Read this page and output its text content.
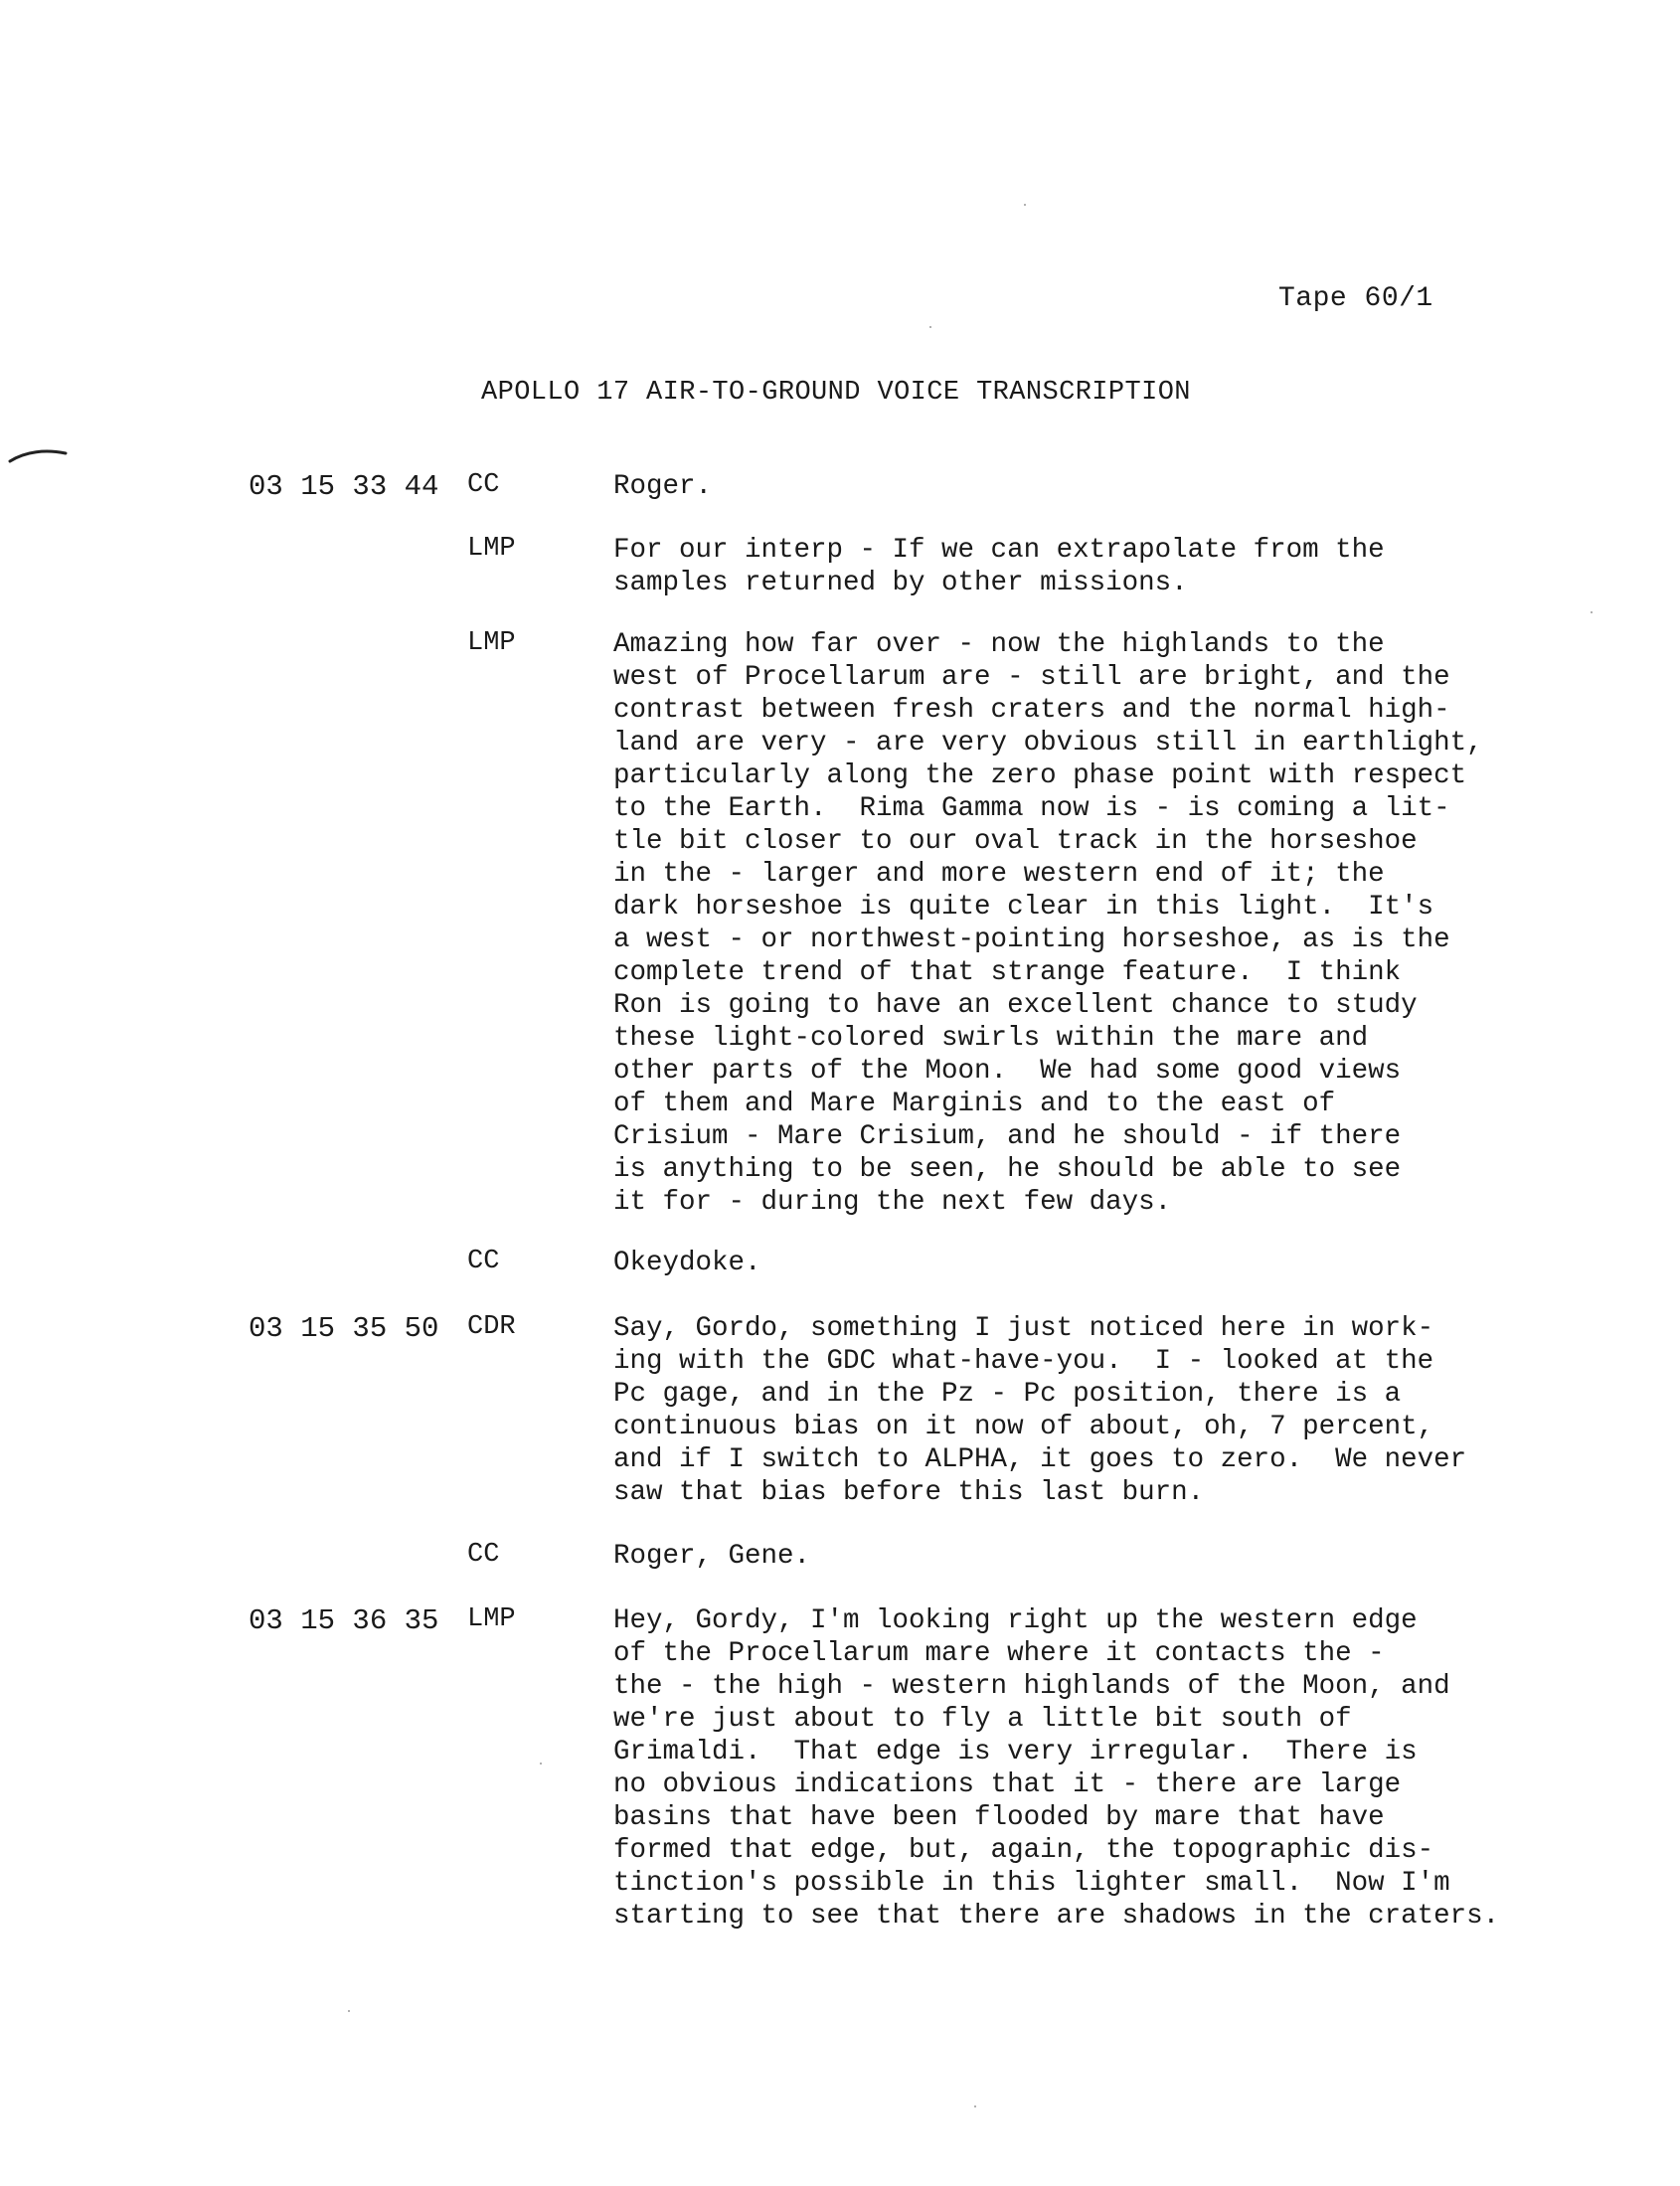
Tape 60/1
APOLLO 17 AIR-TO-GROUND VOICE TRANSCRIPTION
03 15 33 44 CC	Roger.
LMP	For our interp - If we can extrapolate from the
samples returned by other missions.
LMP	Amazing how far over - now the highlands to the
west of Procellarum are - still are bright, and the
contrast between fresh craters and the normal high-
land are very - are very obvious still in earthlight,
particularly along the zero phase point with respect
to the Earth.  Rima Gamma now is - is coming a lit-
tle bit closer to our oval track in the horseshoe
in the - larger and more western end of it; the
dark horseshoe is quite clear in this light.  It's
a west - or northwest-pointing horseshoe, as is the
complete trend of that strange feature.  I think
Ron is going to have an excellent chance to study
these light-colored swirls within the mare and
other parts of the Moon.  We had some good views
of them and Mare Marginis and to the east of
Crisium - Mare Crisium, and he should - if there
is anything to be seen, he should be able to see
it for - during the next few days.
CC	Okeydoke.
03 15 35 50 CDR	Say, Gordo, something I just noticed here in work-
ing with the GDC what-have-you.  I - looked at the
Pc gage, and in the Pz - Pc position, there is a
continuous bias on it now of about, oh, 7 percent,
and if I switch to ALPHA, it goes to zero.  We never
saw that bias before this last burn.
CC	Roger, Gene.
03 15 36 35 LMP	Hey, Gordy, I'm looking right up the western edge
of the Procellarum mare where it contacts the -
the - the high - western highlands of the Moon, and
we're just about to fly a little bit south of
Grimaldi.  That edge is very irregular.  There is
no obvious indications that it - there are large
basins that have been flooded by mare that have
formed that edge, but, again, the topographic dis-
tinction's possible in this lighter small.  Now I'm
starting to see that there are shadows in the craters.
